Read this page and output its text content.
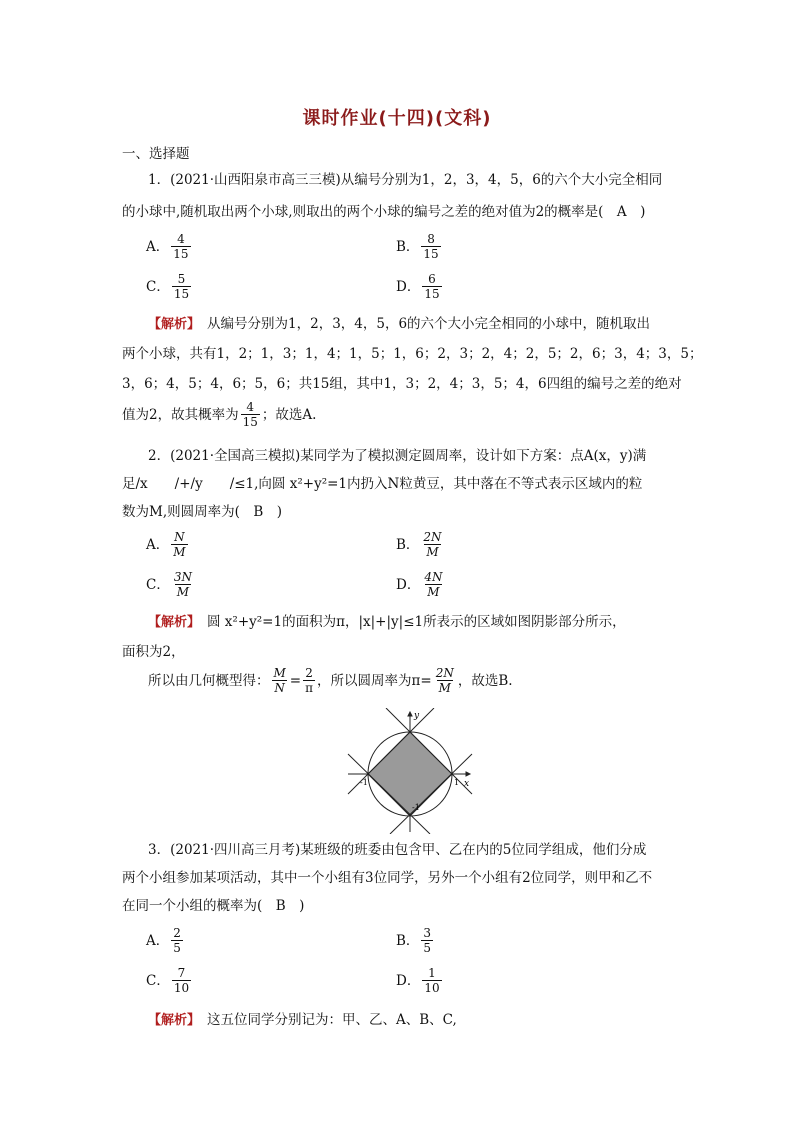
课时作业(十四)(文科)
一、选择题
1．(2021·山西阳泉市高三三模)从编号分别为1，2，3，4，5，6的六个大小完全相同
的小球中,随机取出两个小球,则取出的两个小球的编号之差的绝对值为2的概率是(　A　)
A． $\frac{4}{15}$	B． $\frac{8}{15}$
C． $\frac{5}{15}$	D． $\frac{6}{15}$
【解析】　从编号分别为1，2，3，4，5，6的六个大小完全相同的小球中，随机取出
两个小球，共有1，2；1，3；1，4；1，5；1，6；2，3；2，4；2，5；2，6；3，4；3，5；
3，6；4，5；4，6；5，6；共15组，其中1，3；2，4；3，5；4，6四组的编号之差的绝对
值为2，故其概率为 $\frac{4}{15}$ ；故选A.
2．(2021·全国高三模拟)某同学为了模拟测定圆周率，设计如下方案：点A(x，y)满
足/x　　/+/y　　/≤1,向圆 x²+y²=1内扔入N粒黄豆，其中落在不等式表示区域内的粒
数为M,则圆周率为(　B　)
A． $\frac{N}{M}$	B． $\frac{2N}{M}$
C． $\frac{3N}{M}$	D． $\frac{4N}{M}$
【解析】　圆 x²+y²=1的面积为π，|x|+|y|≤1所表示的区域如图阴影部分所示，
面积为2，
所以由几何概型得： $\frac{M}{N} = \frac{2}{\pi}$ ，所以圆周率为$\pi= \frac{2N}{M}$ ，故选B.
x
y
1
-1
-1
3．(2021·四川高三月考)某班级的班委由包含甲、乙在内的5位同学组成，他们分成
两个小组参加某项活动，其中一个小组有3位同学，另外一个小组有2位同学，则甲和乙不
在同一个小组的概率为(　B　)
A． $\frac{2}{5}$	B． $\frac{3}{5}$
C． $\frac{7}{10}$	D． $\frac{1}{10}$
【解析】　这五位同学分别记为：甲、乙、A、B、C,
